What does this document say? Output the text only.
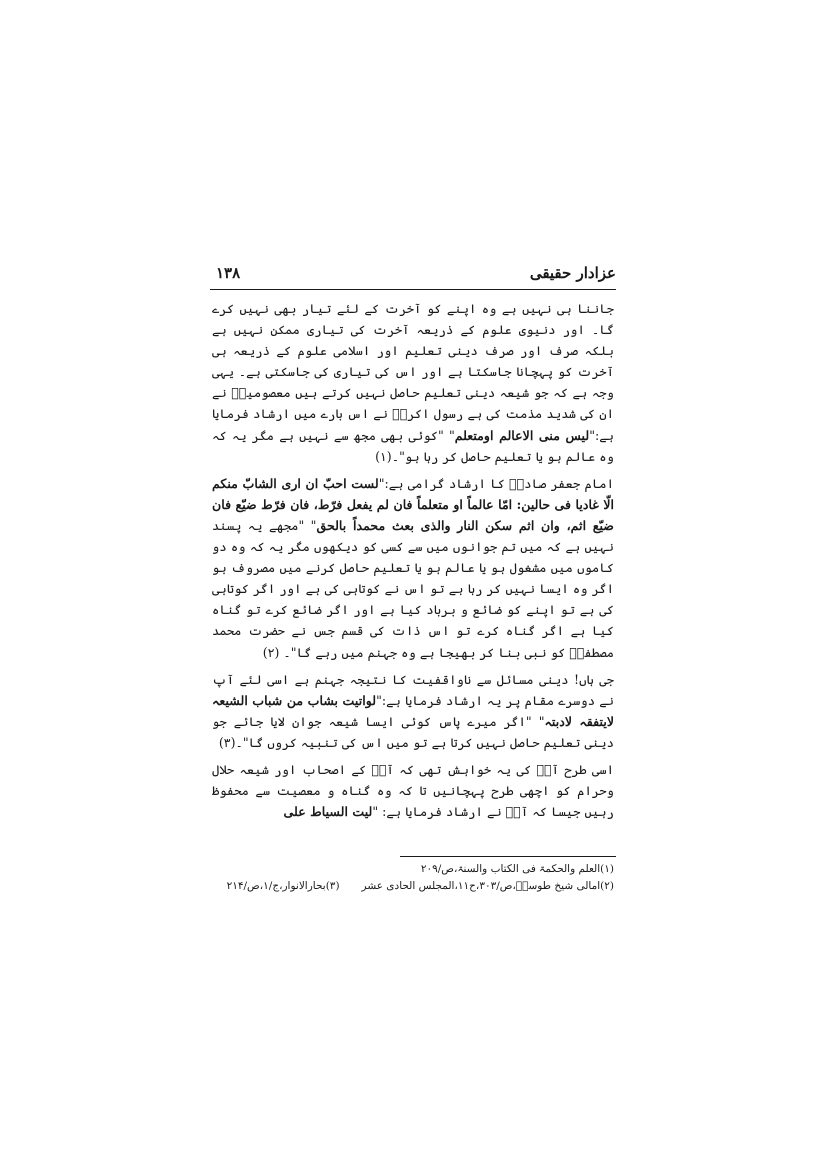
عزادار حقیقی
۱۳۸

جاننا ہی نہیں ہے وہ اپنے کو آخرت کے لئے تیار بھی نہیں کرے گا۔ اور دنیوی علوم کے ذریعہ آخرت کی تیاری ممکن نہیں ہے بلکہ صرف اور صرف دینی تعلیم اور اسلامی علوم کے ذریعہ ہی آخرت کو پہچانا جاسکتا ہے اور اس کی تیاری کی جاسکتی ہے۔ یہی وجہ ہے کہ جو شیعہ دینی تعلیم حاصل نہیں کرتے ہیں معصومینؑ نے ان کی شدید مذمت کی ہے رسول اکرمؐ نے اس بارے میں ارشاد فرمایا ہے:"لیس منی الاعالم اومتعلم" "کوئی بھی مجھ سے نہیں ہے مگر یہ کہ وہ عالم ہو یا تعلیم حاصل کر رہا ہو"۔(۱)

امام جعفر صادقؑ کا ارشاد گرامی ہے:"لست احبّ ان اری الشابّ منکم الّا غادیا فی حالین: امّا عالماً او متعلماً فان لم یفعل فرّط، فان فرّط ضیّع فان ضیّع اثم، وان اثم سکن النار والذی بعث محمداً بالحق" "مجھے یہ پسند نہیں ہے کہ میں تم جوانوں میں سے کسی کو دیکھوں مگر یہ کہ وہ دو کاموں میں مشغول ہو یا عالم ہو یا تعلیم حاصل کرنے میں مصروف ہو اگر وہ ایسا نہیں کر رہا ہے تو اس نے کوتاہی کی ہے اور اگر کوتاہی کی ہے تو اپنے کو ضائع و برباد کیا ہے اور اگر ضائع کرے تو گناہ کیا ہے اگر گناہ کرے تو اس ذات کی قسم جس نے حضرت محمد مصطفیؐ کو نبی بنا کر بھیجا ہے وہ جہنم میں رہے گا"۔ (۲)

جی ہاں! دینی مسائل سے ناواقفیت کا نتیجہ جہنم ہے اسی لئے آپ نے دوسرے مقام پر یہ ارشاد فرمایا ہے:"لواتیت بشاب من شباب الشیعہ لایتفقہ لادبتہ" "اگر میرے پاس کوئی ایسا شیعہ جوان لایا جائے جو دینی تعلیم حاصل نہیں کرتا ہے تو میں اس کی تنبیہ کروں گا"۔(۳)

اسی طرح آپؑ کی یہ خواہش تھی کہ آپؑ کے اصحاب اور شیعہ حلال وحرام کو اچھی طرح پہچانیں تا کہ وہ گناہ و معصیت سے محفوظ رہیں جیسا کہ آپؑ نے ارشاد فرمایا ہے: "لیت السیاط علی

(۱)العلم والحکمۃ فی الکتاب والسنۃ،ص/۲۰۹
(۲)امالی شیخ طوسیؒ،ص/۳۰۳،ح۱۱،المجلس الحادی عشر(۳)بحارالانوار،ج/۱،ص/۲۱۴
